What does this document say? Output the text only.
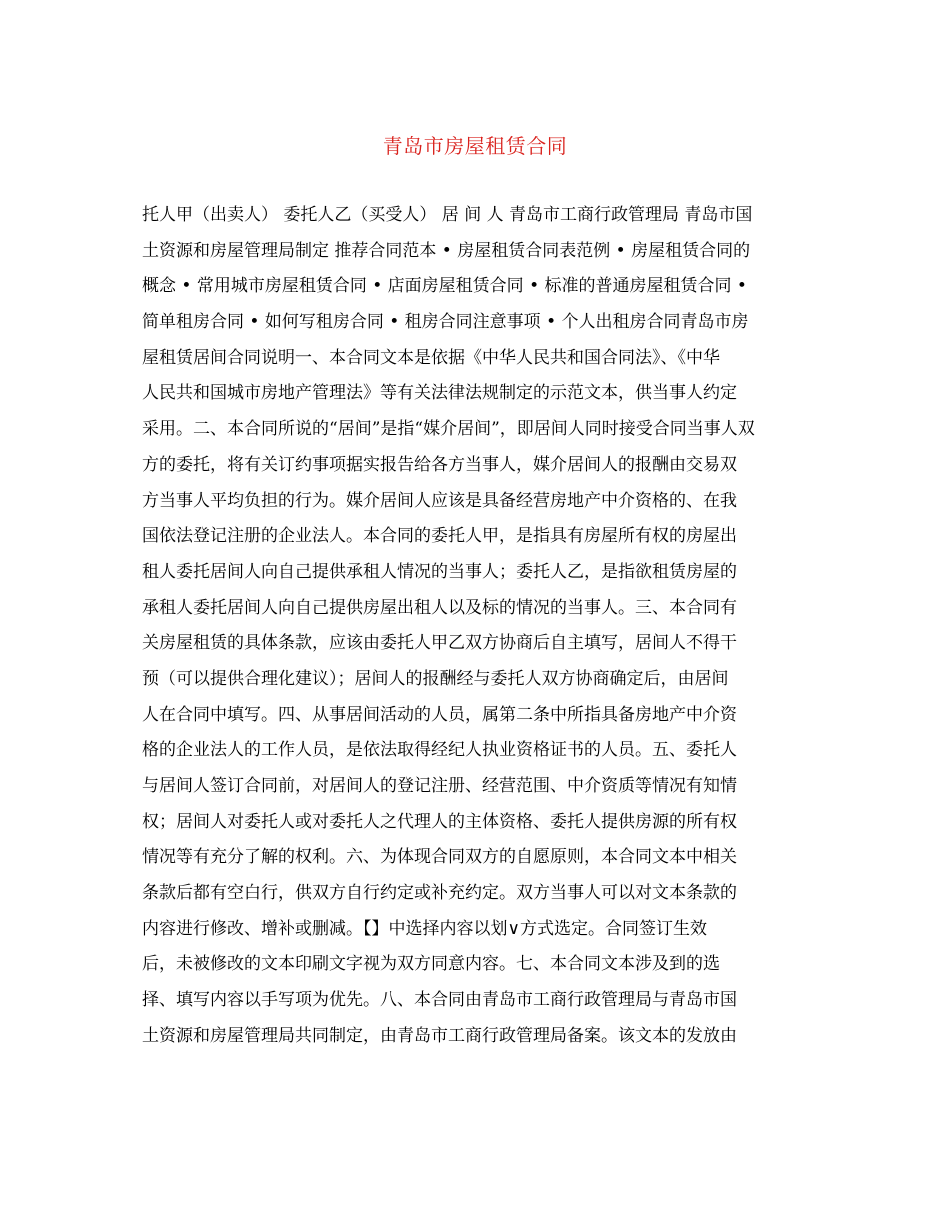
青岛市房屋租赁合同
托人甲（出卖人） 委托人乙（买受人） 居 间 人 青岛市工商行政管理局 青岛市国
土资源和房屋管理局制定 推荐合同范本 • 房屋租赁合同表范例 • 房屋租赁合同的
概念 • 常用城市房屋租赁合同 • 店面房屋租赁合同 • 标准的普通房屋租赁合同 •
简单租房合同 • 如何写租房合同 • 租房合同注意事项 • 个人出租房合同青岛市房
屋租赁居间合同说明一、本合同文本是依据《中华人民共和国合同法》、《中华
人民共和国城市房地产管理法》等有关法律法规制定的示范文本，供当事人约定
采用。二、本合同所说的“居间”是指“媒介居间”，即居间人同时接受合同当事人双
方的委托，将有关订约事项据实报告给各方当事人，媒介居间人的报酬由交易双
方当事人平均负担的行为。媒介居间人应该是具备经营房地产中介资格的、在我
国依法登记注册的企业法人。本合同的委托人甲，是指具有房屋所有权的房屋出
租人委托居间人向自己提供承租人情况的当事人；委托人乙，是指欲租赁房屋的
承租人委托居间人向自己提供房屋出租人以及标的情况的当事人。三、本合同有
关房屋租赁的具体条款，应该由委托人甲乙双方协商后自主填写，居间人不得干
预（可以提供合理化建议）；居间人的报酬经与委托人双方协商确定后，由居间
人在合同中填写。四、从事居间活动的人员，属第二条中所指具备房地产中介资
格的企业法人的工作人员，是依法取得经纪人执业资格证书的人员。五、委托人
与居间人签订合同前，对居间人的登记注册、经营范围、中介资质等情况有知情
权；居间人对委托人或对委托人之代理人的主体资格、委托人提供房源的所有权
情况等有充分了解的权利。六、为体现合同双方的自愿原则，本合同文本中相关
条款后都有空白行，供双方自行约定或补充约定。双方当事人可以对文本条款的
内容进行修改、增补或删减。【】中选择内容以划∨方式选定。合同签订生效
后，未被修改的文本印刷文字视为双方同意内容。七、本合同文本涉及到的选
择、填写内容以手写项为优先。八、本合同由青岛市工商行政管理局与青岛市国
土资源和房屋管理局共同制定，由青岛市工商行政管理局备案。该文本的发放由
